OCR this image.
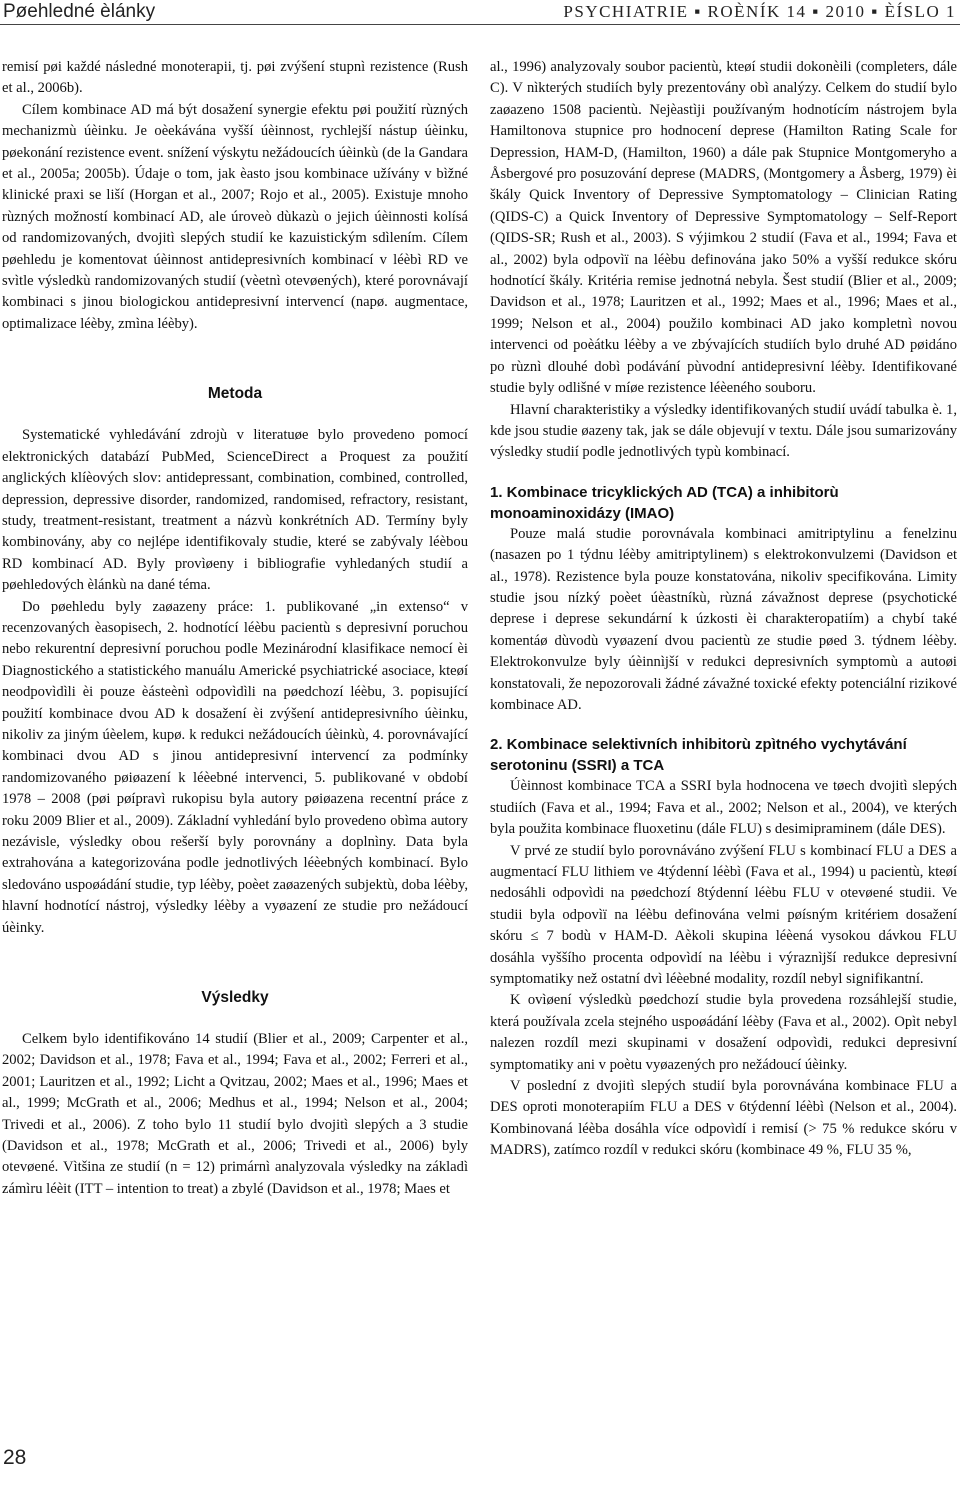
Pøehledné èlánky	PSYCHIATRIE ▪ ROÈNÍK 14 ▪ 2010 ▪ ÈÍSLO 1

remisí pøi každé následné monoterapii, tj. pøi zvýšení stupnì rezistence (Rush et al., 2006b).

Cílem kombinace AD má být dosažení synergie efektu pøi použití rùzných mechanizmù úèinku. Je oèekávána vyšší úèinnost, rychlejší nástup úèinku, pøekonání rezistence event. snížení výskytu nežádoucích úèinkù (de la Gandara et al., 2005a; 2005b). Údaje o tom, jak èasto jsou kombinace užívány v bìžné klinické praxi se liší (Horgan et al., 2007; Rojo et al., 2005). Existuje mnoho rùzných možností kombinací AD, ale úroveò dùkazù o jejich úèinnosti kolísá od randomizovaných, dvojitì slepých studií ke kazuistickým sdìlením. Cílem pøehledu je komentovat úèinnost antidepresivních kombinací v léèbì RD ve svìtle výsledkù randomizovaných studií (vèetnì otevøených), které porovnávají kombinaci s jinou biologickou antidepresivní intervencí (napø. augmentace, optimalizace léèby, zmìna léèby).

Metoda

Systematické vyhledávání zdrojù v literatuøe bylo provedeno pomocí elektronických databází PubMed, ScienceDirect a Proquest za použití anglických klíèových slov: antidepressant, combination, combined, controlled, depression, depressive disorder, randomized, randomised, refractory, resistant, study, treatment-resistant, treatment a názvù konkrétních AD. Termíny byly kombinovány, aby co nejlépe identifikovaly studie, které se zabývaly léèbou RD kombinací AD. Byly provìøeny i bibliografie vyhledaných studií a pøehledových èlánkù na dané téma.

Do pøehledu byly zaøazeny práce: 1. publikované „in extenso“ v recenzovaných èasopisech, 2. hodnotící léèbu pacientù s depresivní poruchou nebo rekurentní depresivní poruchou podle Mezinárodní klasifikace nemocí èi Diagnostického a statistického manuálu Americké psychiatrické asociace, kteøí neodpovìdìli èi pouze èásteènì odpovìdìli na pøedchozí léèbu, 3. popisující použití kombinace dvou AD k dosažení èi zvýšení antidepresivního úèinku, nikoliv za jiným úèelem, kupø. k redukci nežádoucích úèinkù, 4. porovnávající kombinaci dvou AD s jinou antidepresivní intervencí za podmínky randomizovaného pøiøazení k léèebné intervenci, 5. publikované v období 1978 – 2008 (pøi pøípravì rukopisu byla autory pøiøazena recentní práce z roku 2009 Blier et al., 2009). Základní vyhledání bylo provedeno obìma autory nezávisle, výsledky obou rešerší byly porovnány a doplnìny. Data byla extrahována a kategorizována podle jednotlivých léèebných kombinací. Bylo sledováno uspoøádání studie, typ léèby, poèet zaøazených subjektù, doba léèby, hlavní hodnotící nástroj, výsledky léèby a vyøazení ze studie pro nežádoucí úèinky.

Výsledky

Celkem bylo identifikováno 14 studií (Blier et al., 2009; Carpenter et al., 2002; Davidson et al., 1978; Fava et al., 1994; Fava et al., 2002; Ferreri et al., 2001; Lauritzen et al., 1992; Licht a Qvitzau, 2002; Maes et al., 1996; Maes et al., 1999; McGrath et al., 2006; Medhus et al., 1994; Nelson et al., 2004; Trivedi et al., 2006). Z toho bylo 11 studií bylo dvojitì slepých a 3 studie (Davidson et al., 1978; McGrath et al., 2006; Trivedi et al., 2006) byly otevøené. Vìtšina ze studií (n = 12) primárnì analyzovala výsledky na základì zámìru léèit (ITT – intention to treat) a zbylé (Davidson et al., 1978; Maes et

al., 1996) analyzovaly soubor pacientù, kteøí studii dokonèili (completers, dále C). V nìkterých studiích byly prezentovány obì analýzy. Celkem do studií bylo zaøazeno 1508 pacientù. Nejèastìji používaným hodnotícím nástrojem byla Hamiltonova stupnice pro hodnocení deprese (Hamilton Rating Scale for Depression, HAM-D, (Hamilton, 1960) a dále pak Stupnice Montgomeryho a Åsbergové pro posuzování deprese (MADRS, (Montgomery a Åsberg, 1979) èi škály Quick Inventory of Depressive Symptomatology – Clinician Rating (QIDS-C) a Quick Inventory of Depressive Symptomatology – Self-Report (QIDS-SR; Rush et al., 2003). S výjimkou 2 studií (Fava et al., 1994; Fava et al., 2002) byla odpovìï na léèbu definována jako 50% a vyšší redukce skóru hodnotící škály. Kritéria remise jednotná nebyla. Šest studií (Blier et al., 2009; Davidson et al., 1978; Lauritzen et al., 1992; Maes et al., 1996; Maes et al., 1999; Nelson et al., 2004) použilo kombinaci AD jako kompletnì novou intervenci od poèátku léèby a ve zbývajících studiích bylo druhé AD pøidáno po rùznì dlouhé dobì podávání pùvodní antidepresivní léèby. Identifikované studie byly odlišné v míøe rezistence léèeného souboru.

Hlavní charakteristiky a výsledky identifikovaných studií uvádí tabulka è. 1, kde jsou studie øazeny tak, jak se dále objevují v textu. Dále jsou sumarizovány výsledky studií podle jednotlivých typù kombinací.

1. Kombinace tricyklických AD (TCA) a inhibitorù monoaminoxidázy (IMAO)

Pouze malá studie porovnávala kombinaci amitriptylinu a fenelzinu (nasazen po 1 týdnu léèby amitriptylinem) s elektrokonvulzemi (Davidson et al., 1978). Rezistence byla pouze konstatována, nikoliv specifikována. Limity studie jsou nízký poèet úèastníkù, rùzná závažnost deprese (psychotické deprese i deprese sekundární k úzkosti èi charakteropatiím) a chybí také komentáø dùvodù vyøazení dvou pacientù ze studie pøed 3. týdnem léèby. Elektrokonvulze byly úèinnìjší v redukci depresivních symptomù a autoøi konstatovali, že nepozorovali žádné závažné toxické efekty potenciální rizikové kombinace AD.

2. Kombinace selektivních inhibitorù zpìtného vychytávání serotoninu (SSRI) a TCA

Úèinnost kombinace TCA a SSRI byla hodnocena ve tøech dvojitì slepých studiích (Fava et al., 1994; Fava et al., 2002; Nelson et al., 2004), ve kterých byla použita kombinace fluoxetinu (dále FLU) s desimipraminem (dále DES).

V prvé ze studií bylo porovnáváno zvýšení FLU s kombinací FLU a DES a augmentací FLU lithiem ve 4týdenní léèbì (Fava et al., 1994) u pacientù, kteøí nedosáhli odpovìdi na pøedchozí 8týdenní léèbu FLU v otevøené studii. Ve studii byla odpovìï na léèbu definována velmi pøísným kritériem dosažení skóru ≤ 7 bodù v HAM-D. Aèkoli skupina léèená vysokou dávkou FLU dosáhla vyššího procenta odpovìdí na léèbu i výraznìjší redukce depresivní symptomatiky než ostatní dvì léèebné modality, rozdíl nebyl signifikantní.

K ovìøení výsledkù pøedchozí studie byla provedena rozsáhlejší studie, která používala zcela stejného uspoøádání léèby (Fava et al., 2002). Opìt nebyl nalezen rozdíl mezi skupinami v dosažení odpovìdi, redukci depresivní symptomatiky ani v poètu vyøazených pro nežádoucí úèinky.

V poslední z dvojitì slepých studií byla porovnávána kombinace FLU a DES oproti monoterapiím FLU a DES v 6týdenní léèbì (Nelson et al., 2004). Kombinovaná léèba dosáhla více odpovìdí i remisí (> 75 % redukce skóru v MADRS), zatímco rozdíl v redukci skóru (kombinace 49 %, FLU 35 %,

28
